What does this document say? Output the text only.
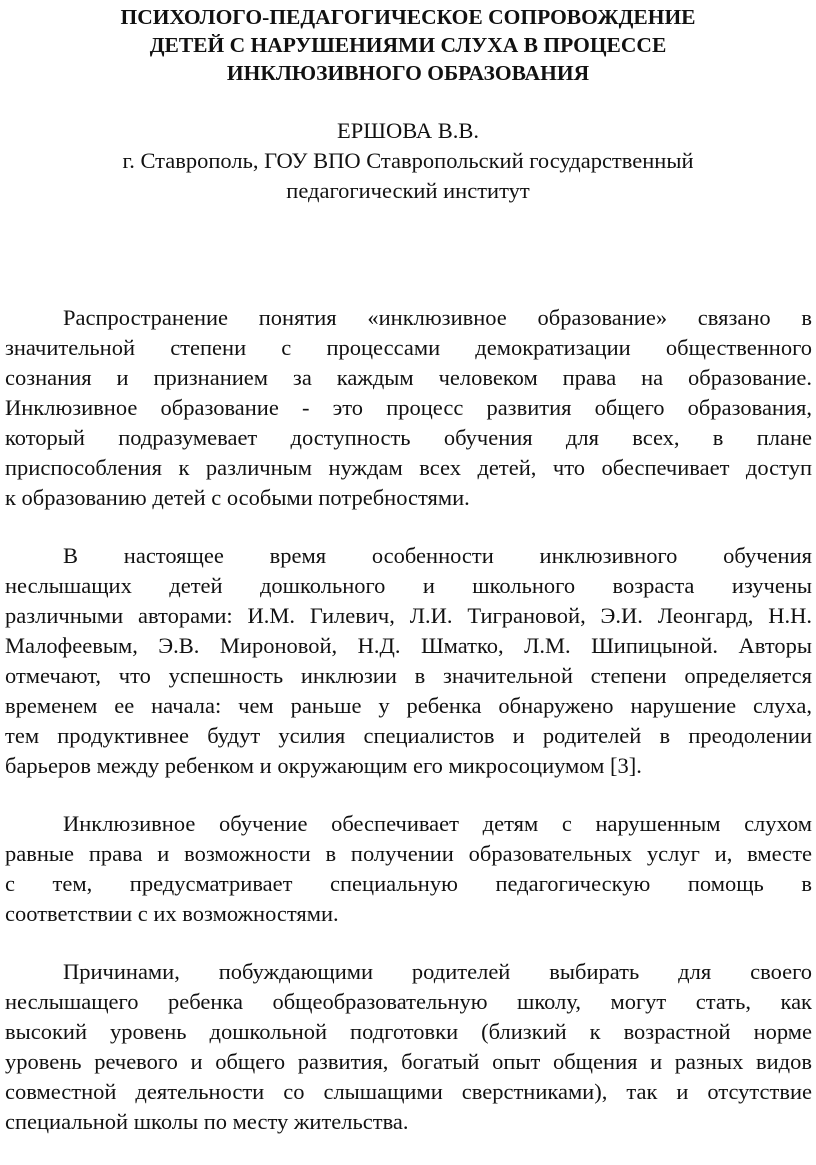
ПСИХОЛОГО-ПЕДАГОГИЧЕСКОЕ СОПРОВОЖДЕНИЕ
ДЕТЕЙ С НАРУШЕНИЯМИ СЛУХА В ПРОЦЕССЕ
ИНКЛЮЗИВНОГО ОБРАЗОВАНИЯ
ЕРШОВА В.В.
г. Ставрополь, ГОУ ВПО Ставропольский государственный
педагогический институт

Распространение понятия «инклюзивное образование» связано в
значительной степени с процессами демократизации общественного
сознания и признанием за каждым человеком права на образование.
Инклюзивное образование - это процесс развития общего образования,
который подразумевает доступность обучения для всех, в плане
приспособления к различным нуждам всех детей, что обеспечивает доступ
к образованию детей с особыми потребностями.

В настоящее время особенности инклюзивного обучения
неслышащих детей дошкольного и школьного возраста изучены
различными авторами: И.М. Гилевич, Л.И. Тиграновой, Э.И. Леонгард, Н.Н.
Малофеевым, Э.В. Мироновой, Н.Д. Шматко, Л.М. Шипицыной. Авторы
отмечают, что успешность инклюзии в значительной степени определяется
временем ее начала: чем раньше у ребенка обнаружено нарушение слуха,
тем продуктивнее будут усилия специалистов и родителей в преодолении
барьеров между ребенком и окружающим его микросоциумом [3].

Инклюзивное обучение обеспечивает детям с нарушенным слухом
равные права и возможности в получении образовательных услуг и, вместе
с тем, предусматривает специальную педагогическую помощь в
соответствии с их возможностями.

Причинами, побуждающими родителей выбирать для своего
неслышащего ребенка общеобразовательную школу, могут стать, как
высокий уровень дошкольной подготовки (близкий к возрастной норме
уровень речевого и общего развития, богатый опыт общения и разных видов
совместной деятельности со слышащими сверстниками), так и отсутствие
специальной школы по месту жительства.
